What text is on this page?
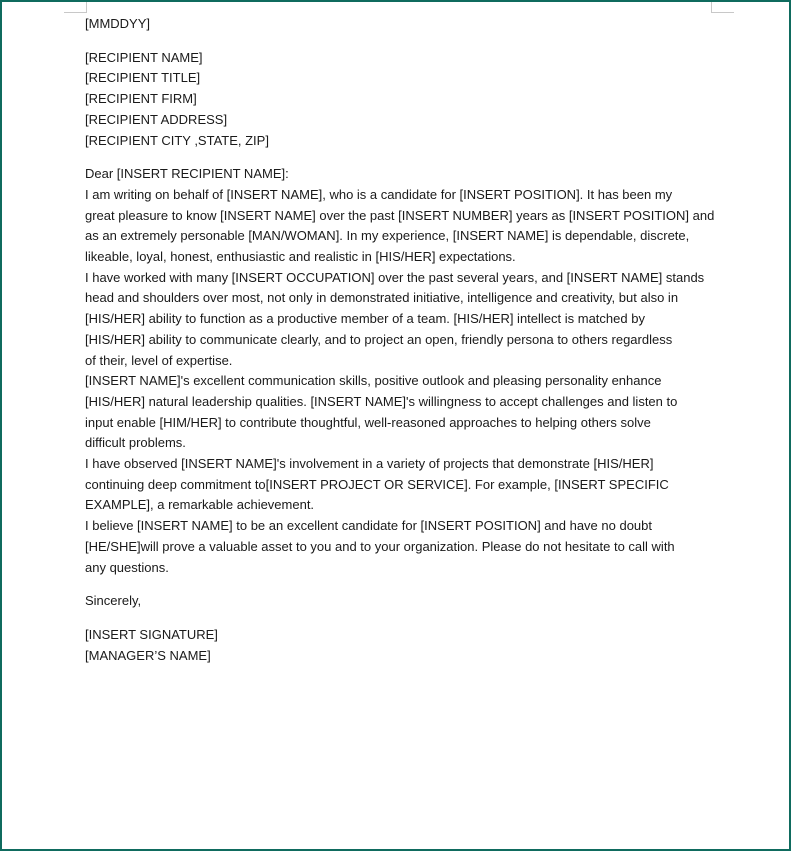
[MMDDYY]
[RECIPIENT NAME]
[RECIPIENT TITLE]
[RECIPIENT FIRM]
[RECIPIENT ADDRESS]
[RECIPIENT CITY ,STATE, ZIP]
Dear [INSERT RECIPIENT NAME]:
I am writing on behalf of [INSERT NAME], who is a candidate for [INSERT POSITION]. It has been my
great pleasure to know [INSERT NAME] over the past [INSERT NUMBER] years as [INSERT POSITION] and
as an extremely personable [MAN/WOMAN]. In my experience, [INSERT NAME] is dependable, discrete,
likeable, loyal, honest, enthusiastic and realistic in [HIS/HER] expectations.
I have worked with many [INSERT OCCUPATION] over the past several years, and [INSERT NAME] stands
head and shoulders over most, not only in demonstrated initiative, intelligence and creativity, but also in
[HIS/HER] ability to function as a productive member of a team. [HIS/HER] intellect is matched by
[HIS/HER] ability to communicate clearly, and to project an open, friendly persona to others regardless
of their, level of expertise.
[INSERT NAME]'s excellent communication skills, positive outlook and pleasing personality enhance
[HIS/HER] natural leadership qualities. [INSERT NAME]'s willingness to accept challenges and listen to
input enable [HIM/HER] to contribute thoughtful, well-reasoned approaches to helping others solve
difficult problems.
I have observed [INSERT NAME]'s involvement in a variety of projects that demonstrate [HIS/HER]
continuing deep commitment to[INSERT PROJECT OR SERVICE]. For example, [INSERT SPECIFIC
EXAMPLE], a remarkable achievement.
I believe [INSERT NAME] to be an excellent candidate for [INSERT POSITION] and have no doubt
[HE/SHE]will prove a valuable asset to you and to your organization. Please do not hesitate to call with
any questions.
Sincerely,
[INSERT SIGNATURE]
[MANAGER’S NAME]
